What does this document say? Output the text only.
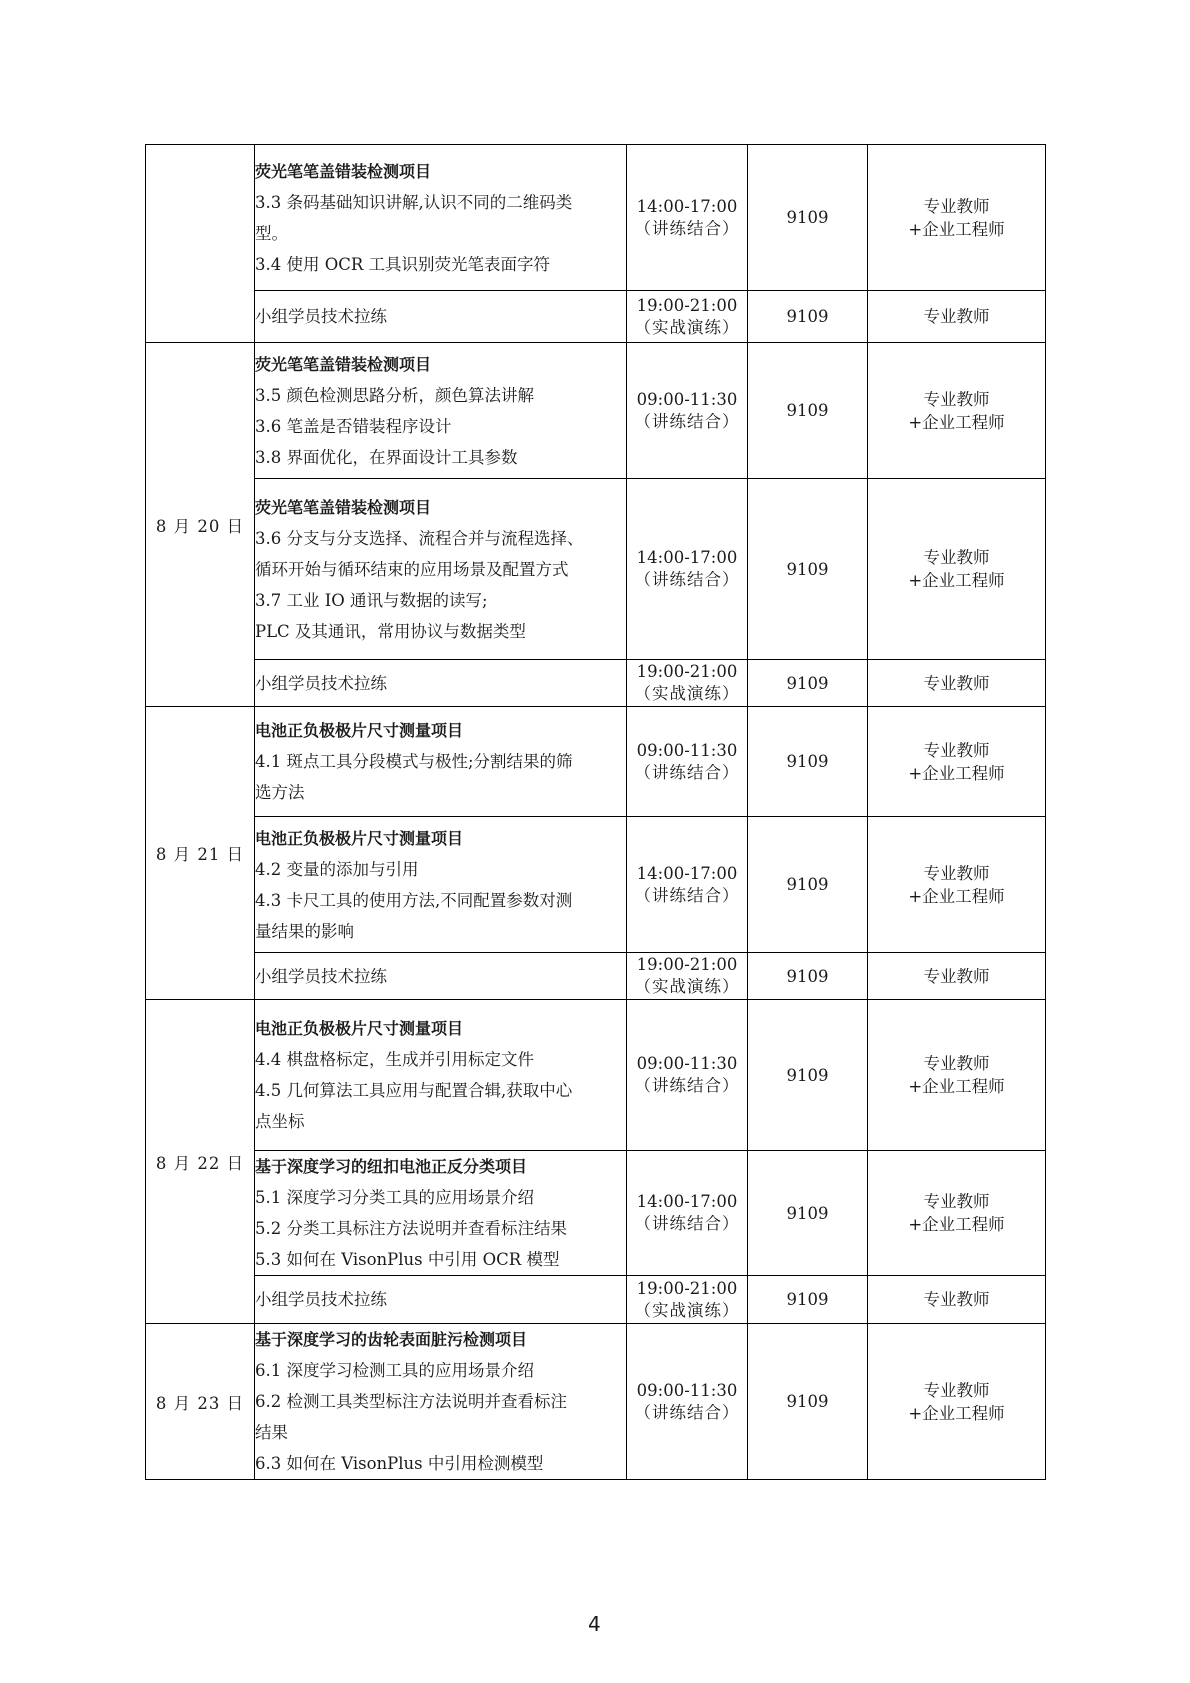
	荧光笔笔盖错装检测项目
3.3 条码基础知识讲解,认识不同的二维码类
型。
3.4 使用 OCR 工具识别荧光笔表面字符	14:00-17:00
（讲练结合）	9109	专业教师
+企业工程师

	小组学员技术拉练	19:00-21:00
（实战演练）	9109	专业教师

8 月 20 日	荧光笔笔盖错装检测项目
3.5 颜色检测思路分析，颜色算法讲解
3.6 笔盖是否错装程序设计
3.8 界面优化，在界面设计工具参数	09:00-11:30
（讲练结合）	9109	专业教师
+企业工程师

	荧光笔笔盖错装检测项目
3.6 分支与分支选择、流程合并与流程选择、
循环开始与循环结束的应用场景及配置方式
3.7 工业 IO 通讯与数据的读写;
PLC 及其通讯，常用协议与数据类型	14:00-17:00
（讲练结合）	9109	专业教师
+企业工程师

	小组学员技术拉练	19:00-21:00
（实战演练）	9109	专业教师

8 月 21 日	电池正负极极片尺寸测量项目
4.1 斑点工具分段模式与极性;分割结果的筛
选方法	09:00-11:30
（讲练结合）	9109	专业教师
+企业工程师

	电池正负极极片尺寸测量项目
4.2 变量的添加与引用
4.3 卡尺工具的使用方法,不同配置参数对测
量结果的影响	14:00-17:00
（讲练结合）	9109	专业教师
+企业工程师

	小组学员技术拉练	19:00-21:00
（实战演练）	9109	专业教师

8 月 22 日	电池正负极极片尺寸测量项目
4.4 棋盘格标定，生成并引用标定文件
4.5 几何算法工具应用与配置合辑,获取中心
点坐标	09:00-11:30
（讲练结合）	9109	专业教师
+企业工程师

	基于深度学习的纽扣电池正反分类项目
5.1 深度学习分类工具的应用场景介绍
5.2 分类工具标注方法说明并查看标注结果
5.3 如何在 VisonPlus 中引用 OCR 模型	14:00-17:00
（讲练结合）	9109	专业教师
+企业工程师

	小组学员技术拉练	19:00-21:00
（实战演练）	9109	专业教师

8 月 23 日	基于深度学习的齿轮表面脏污检测项目
6.1 深度学习检测工具的应用场景介绍
6.2 检测工具类型标注方法说明并查看标注
结果
6.3 如何在 VisonPlus 中引用检测模型	09:00-11:30
（讲练结合）	9109	专业教师
+企业工程师
4
